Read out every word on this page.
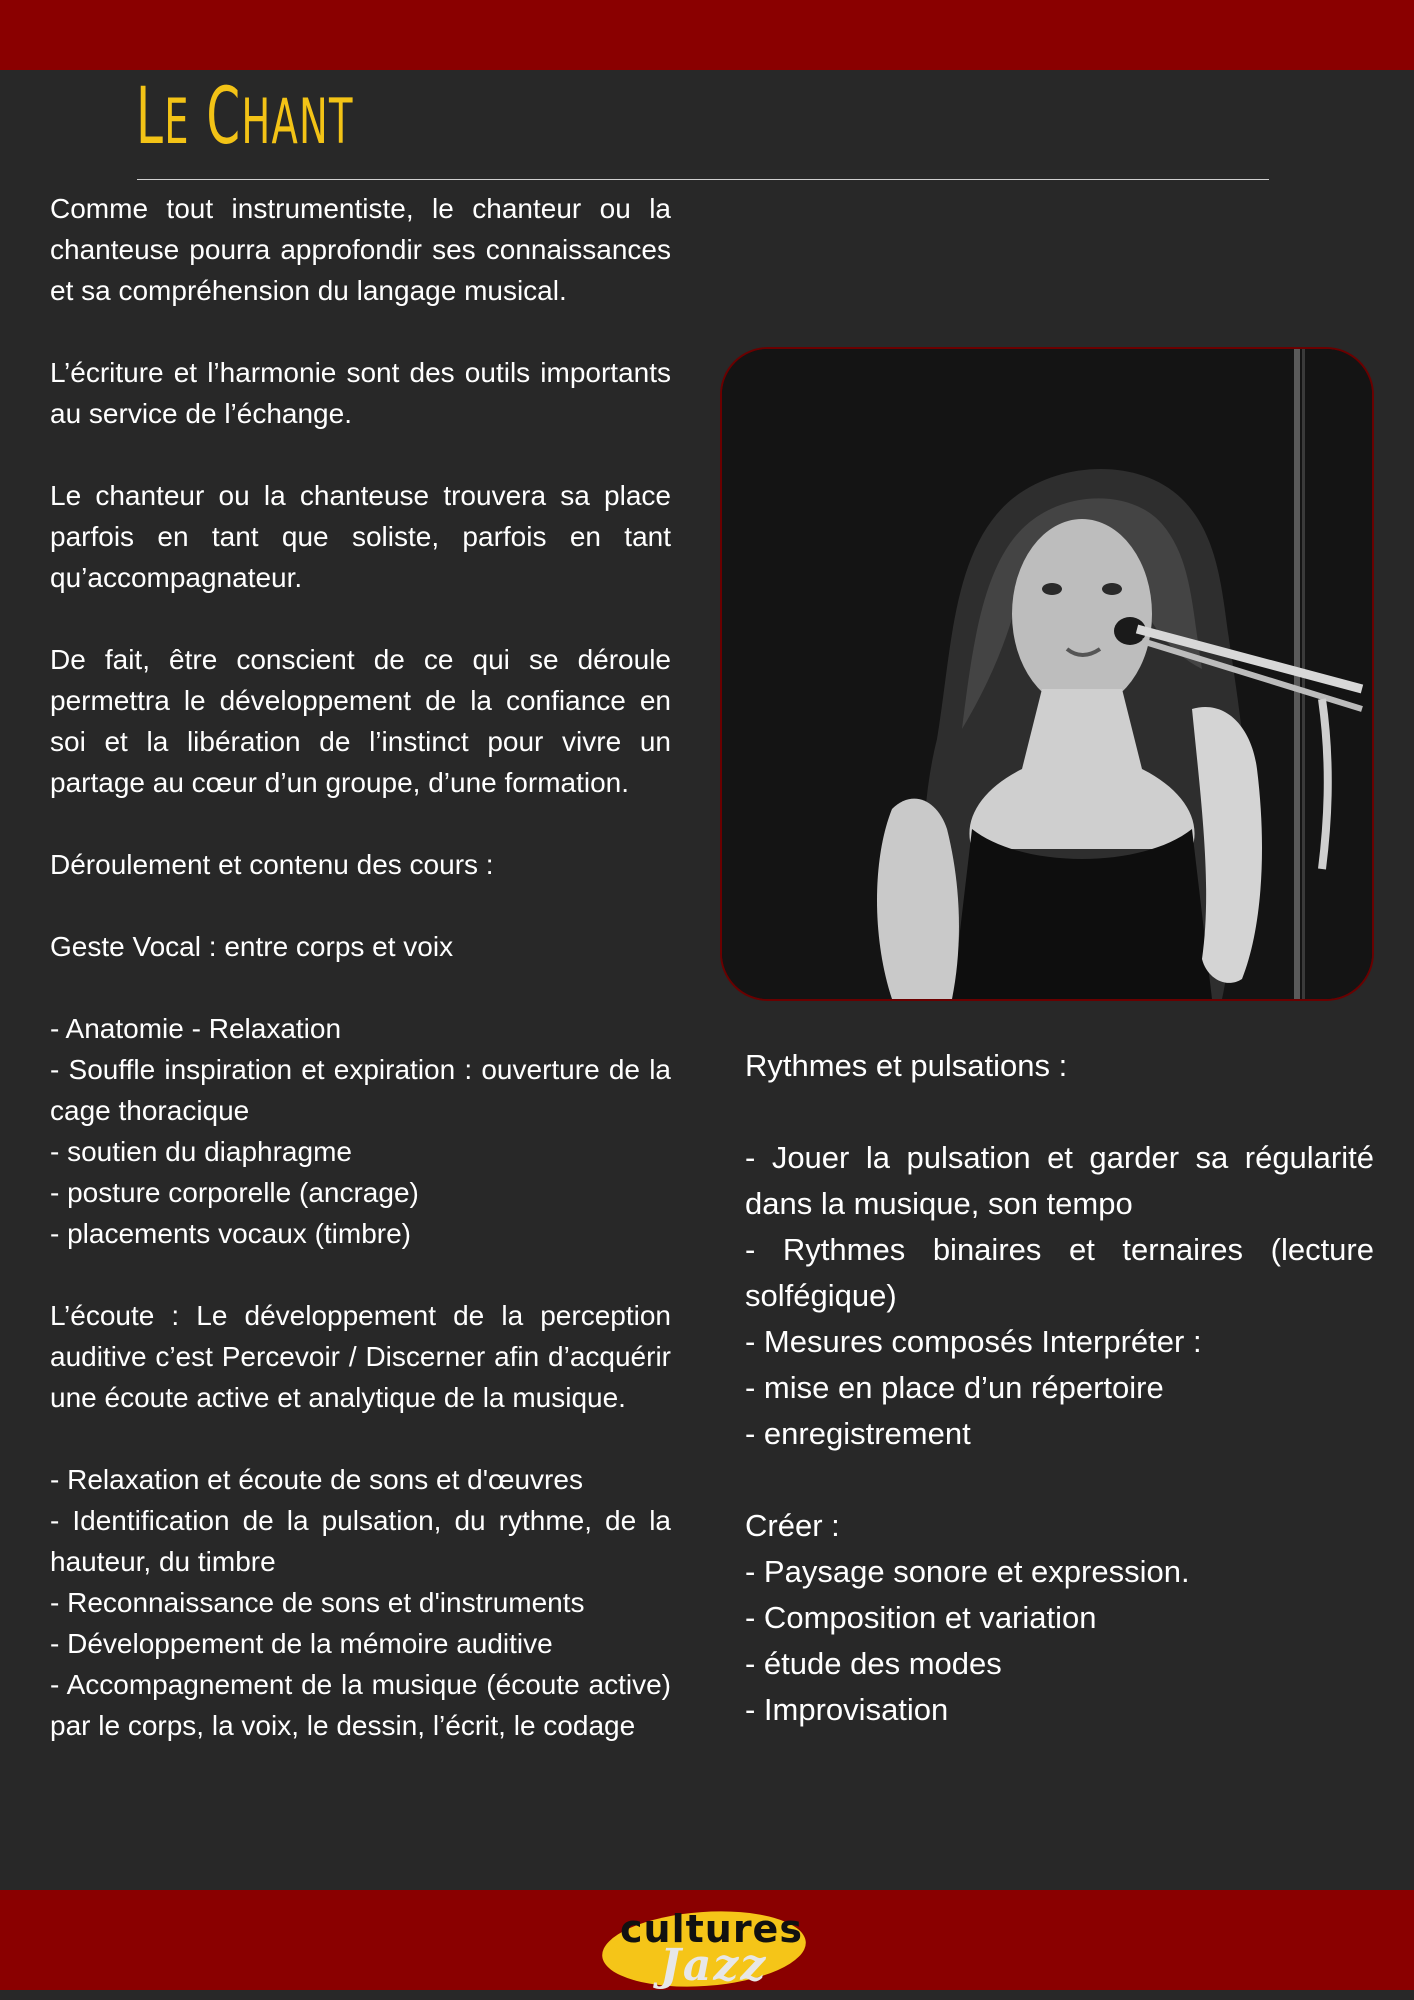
LE CHANT

Comme tout instrumentiste, le chanteur ou la chanteuse pourra approfondir ses connaissances et sa compréhension du langage musical.

L’écriture et l’harmonie sont des outils importants au service de l’échange.

Le chanteur ou la chanteuse trouvera sa place parfois en tant que soliste, parfois en tant qu’accompagnateur.

De fait, être conscient de ce qui se déroule permettra le développement de la confiance en soi et la libération de l’instinct pour vivre un partage au cœur d’un groupe, d’une formation.

Déroulement et contenu des cours :

Geste Vocal : entre corps et voix

- Anatomie - Relaxation
- Souffle inspiration et expiration : ouverture de la cage thoracique
- soutien du diaphragme
- posture corporelle (ancrage)
- placements vocaux (timbre)

L’écoute : Le développement de la perception auditive c’est Percevoir / Discerner afin d’acquérir une écoute active et analytique de la musique.

- Relaxation et écoute de sons et d'œuvres
- Identification de la pulsation, du rythme, de la hauteur, du timbre
- Reconnaissance de sons et d'instruments
- Développement de la mémoire auditive
- Accompagnement de la musique (écoute active) par le corps, la voix, le dessin, l’écrit, le codage

Rythmes et pulsations :

- Jouer la pulsation et garder sa régularité dans la musique, son tempo
- Rythmes binaires et ternaires (lecture solfégique)
- Mesures composés Interpréter :
- mise en place d’un répertoire
- enregistrement
Créer :
- Paysage sonore et expression.
- Composition et variation
- étude des modes
- Improvisation
Jazz
cultures
